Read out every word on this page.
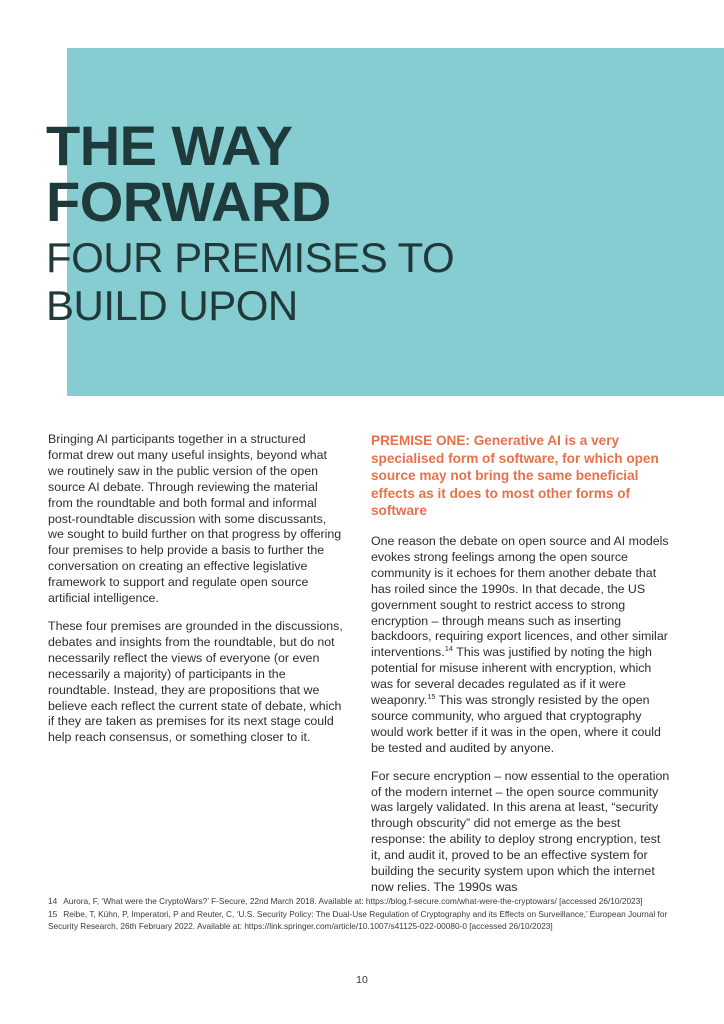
THE WAY
FORWARD
FOUR PREMISES TO
BUILD UPON

Bringing AI participants together in a structured format drew out many useful insights, beyond what we routinely saw in the public version of the open source AI debate. Through reviewing the material from the roundtable and both formal and informal post-roundtable discussion with some discussants, we sought to build further on that progress by offering four premises to help provide a basis to further the conversation on creating an effective legislative framework to support and regulate open source artificial intelligence.

These four premises are grounded in the discussions, debates and insights from the roundtable, but do not necessarily reflect the views of everyone (or even necessarily a majority) of participants in the roundtable. Instead, they are propositions that we believe each reflect the current state of debate, which if they are taken as premises for its next stage could help reach consensus, or something closer to it.

PREMISE ONE: Generative AI is a very specialised form of software, for which open source may not bring the same beneficial effects as it does to most other forms of software

One reason the debate on open source and AI models evokes strong feelings among the open source community is it echoes for them another debate that has roiled since the 1990s. In that decade, the US government sought to restrict access to strong encryption – through means such as inserting backdoors, requiring export licences, and other similar interventions.$^{14}$ This was justified by noting the high potential for misuse inherent with encryption, which was for several decades regulated as if it were weaponry.$^{15}$ This was strongly resisted by the open source community, who argued that cryptography would work better if it was in the open, where it could be tested and audited by anyone.

For secure encryption – now essential to the operation of the modern internet – the open source community was largely validated. In this arena at least, “security through obscurity” did not emerge as the best response: the ability to deploy strong encryption, test it, and audit it, proved to be an effective system for building the security system upon which the internet now relies. The 1990s was

14 Aurora, F, ‘What were the CryptoWars?’ F-Secure, 22nd March 2018. Available at: https://blog.f-secure.com/what-were-the-cryptowars/ [accessed 26/10/2023]
15 Reibe, T, Kühn, P, Imperatori, P and Reuter, C, ‘U.S. Security Policy: The Dual-Use Regulation of Cryptography and its Effects on Surveillance,’ European Journal for Security Research, 26th February 2022. Available at: https://link.springer.com/article/10.1007/s41125-022-00080-0 [accessed 26/10/2023]
10
